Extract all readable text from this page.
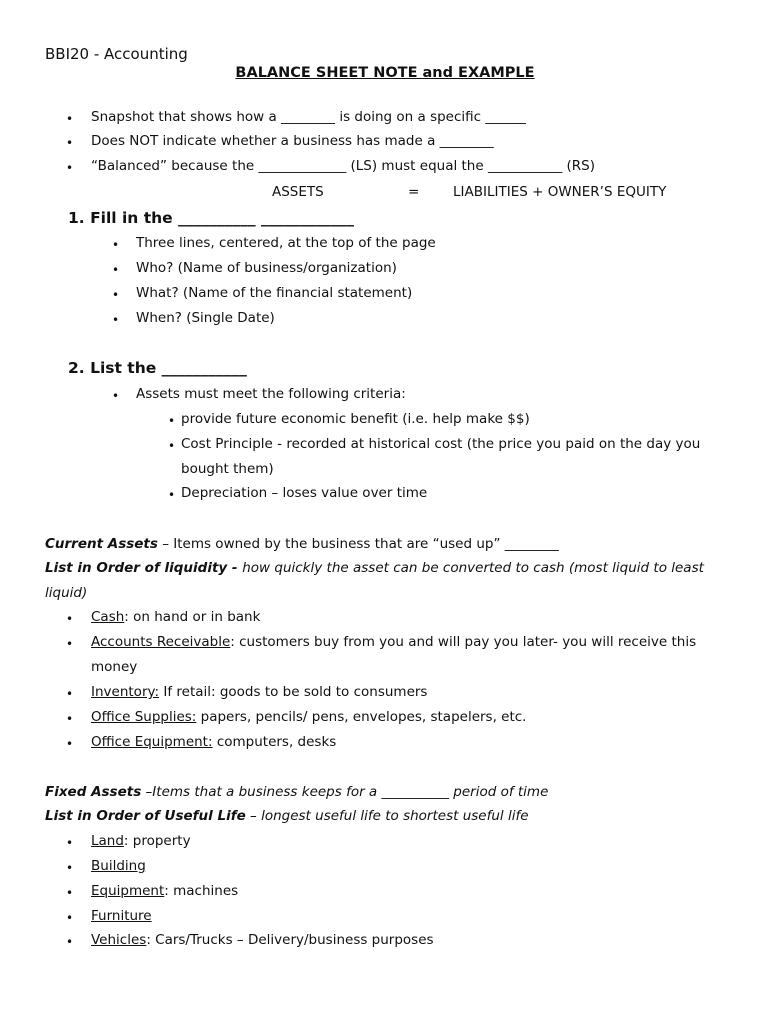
BBI20 - Accounting
BALANCE SHEET NOTE and EXAMPLE
• Snapshot that shows how a ________ is doing on a specific ______
• Does NOT indicate whether a business has made a ________
• “Balanced” because the _____________ (LS) must equal the ___________ (RS)
ASSETS	= LIABILITIES + OWNER’S EQUITY
1. Fill in the __________ ____________
• Three lines, centered, at the top of the page
• Who? (Name of business/organization)
• What? (Name of the financial statement)
• When? (Single Date)
2. List the ___________
• Assets must meet the following criteria:
• provide future economic benefit (i.e. help make $$)
• Cost Principle - recorded at historical cost (the price you paid on the day you
bought them)
• Depreciation – loses value over time
Current Assets – Items owned by the business that are “used up” ________
List in Order of liquidity - how quickly the asset can be converted to cash (most liquid to least
liquid)
• Cash: on hand or in bank
• Accounts Receivable: customers buy from you and will pay you later- you will receive this
money
• Inventory: If retail: goods to be sold to consumers
• Office Supplies: papers, pencils/ pens, envelopes, stapelers, etc.
• Office Equipment: computers, desks
Fixed Assets –Items that a business keeps for a __________ period of time
List in Order of Useful Life – longest useful life to shortest useful life
• Land: property
• Building
• Equipment: machines
• Furniture
• Vehicles: Cars/Trucks – Delivery/business purposes
